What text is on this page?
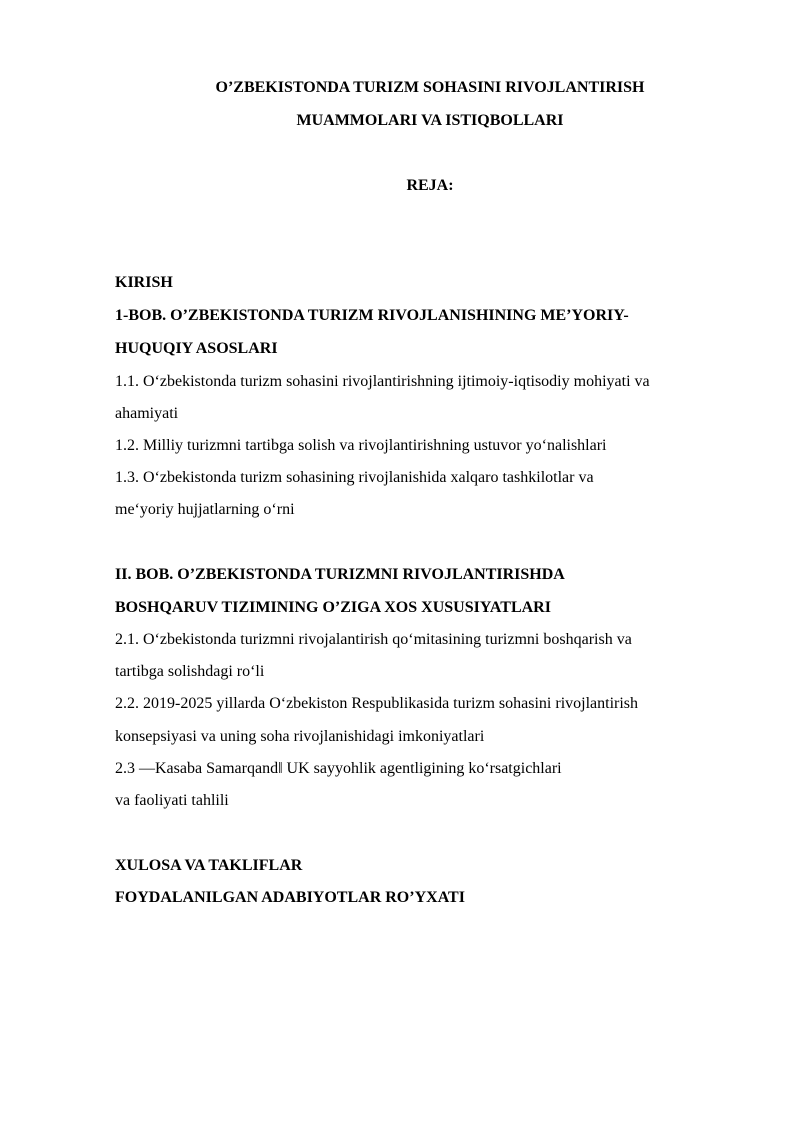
O’ZBEKISTONDA TURIZM SOHASINI RIVOJLANTIRISH
MUAMMOLARI VA ISTIQBOLLARI
REJA:
KIRISH
1-BOB. O’ZBEKISTONDA TURIZM RIVOJLANISHINING ME’YORIY-
HUQUQIY ASOSLARI
1.1. O‘zbekistonda turizm sohasini rivojlantirishning ijtimoiy-iqtisodiy mohiyati va
ahamiyati
1.2. Milliy turizmni tartibga solish va rivojlantirishning ustuvor yo‘nalishlari
1.3. O‘zbekistonda turizm sohasining rivojlanishida xalqaro tashkilotlar va
me‘yoriy hujjatlarning o‘rni
II. BOB. O’ZBEKISTONDA TURIZMNI RIVOJLANTIRISHDA
BOSHQARUV TIZIMINING O’ZIGA XOS XUSUSIYATLARI
2.1. O‘zbekistonda turizmni rivojalantirish qo‘mitasining turizmni boshqarish va
tartibga solishdagi ro‘li
2.2. 2019-2025 yillarda O‘zbekiston Respublikasida turizm sohasini rivojlantirish
konsepsiyasi va uning soha rivojlanishidagi imkoniyatlari
2.3 ―Kasaba Samarqand‖ UK sayyohlik agentligining ko‘rsatgichlari
va faoliyati tahlili
XULOSA VA TAKLIFLAR
FOYDALANILGAN ADABIYOTLAR RO’YXATI
